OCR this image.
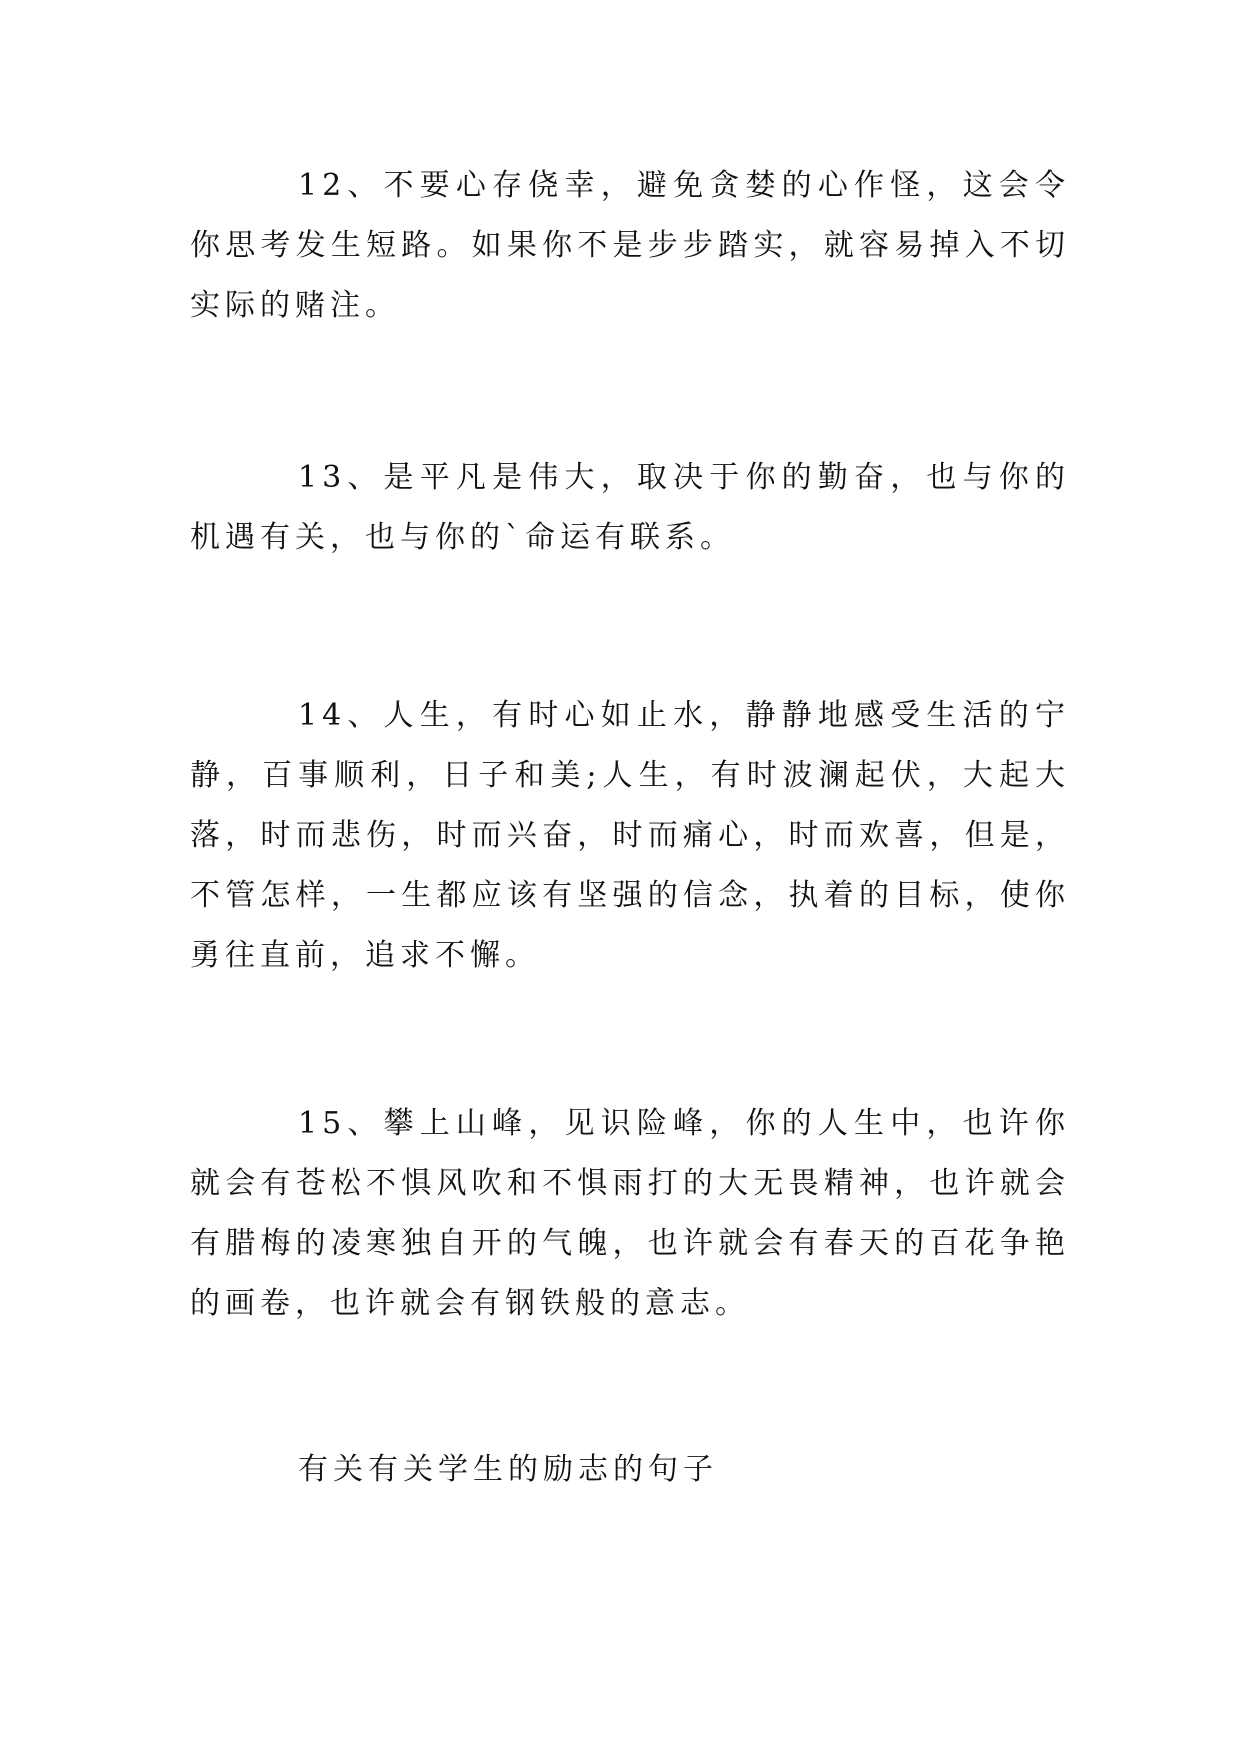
12、不要心存侥幸，避免贪婪的心作怪，这会令你思考发生短路。如果你不是步步踏实，就容易掉入不切实际的赌注。

13、是平凡是伟大，取决于你的勤奋，也与你的机遇有关，也与你的`命运有联系。

14、人生，有时心如止水，静静地感受生活的宁静，百事顺利，日子和美;人生，有时波澜起伏，大起大落，时而悲伤，时而兴奋，时而痛心，时而欢喜，但是，不管怎样，一生都应该有坚强的信念，执着的目标，使你勇往直前，追求不懈。

15、攀上山峰，见识险峰，你的人生中，也许你就会有苍松不惧风吹和不惧雨打的大无畏精神，也许就会有腊梅的凌寒独自开的气魄，也许就会有春天的百花争艳的画卷，也许就会有钢铁般的意志。

有关有关学生的励志的句子
